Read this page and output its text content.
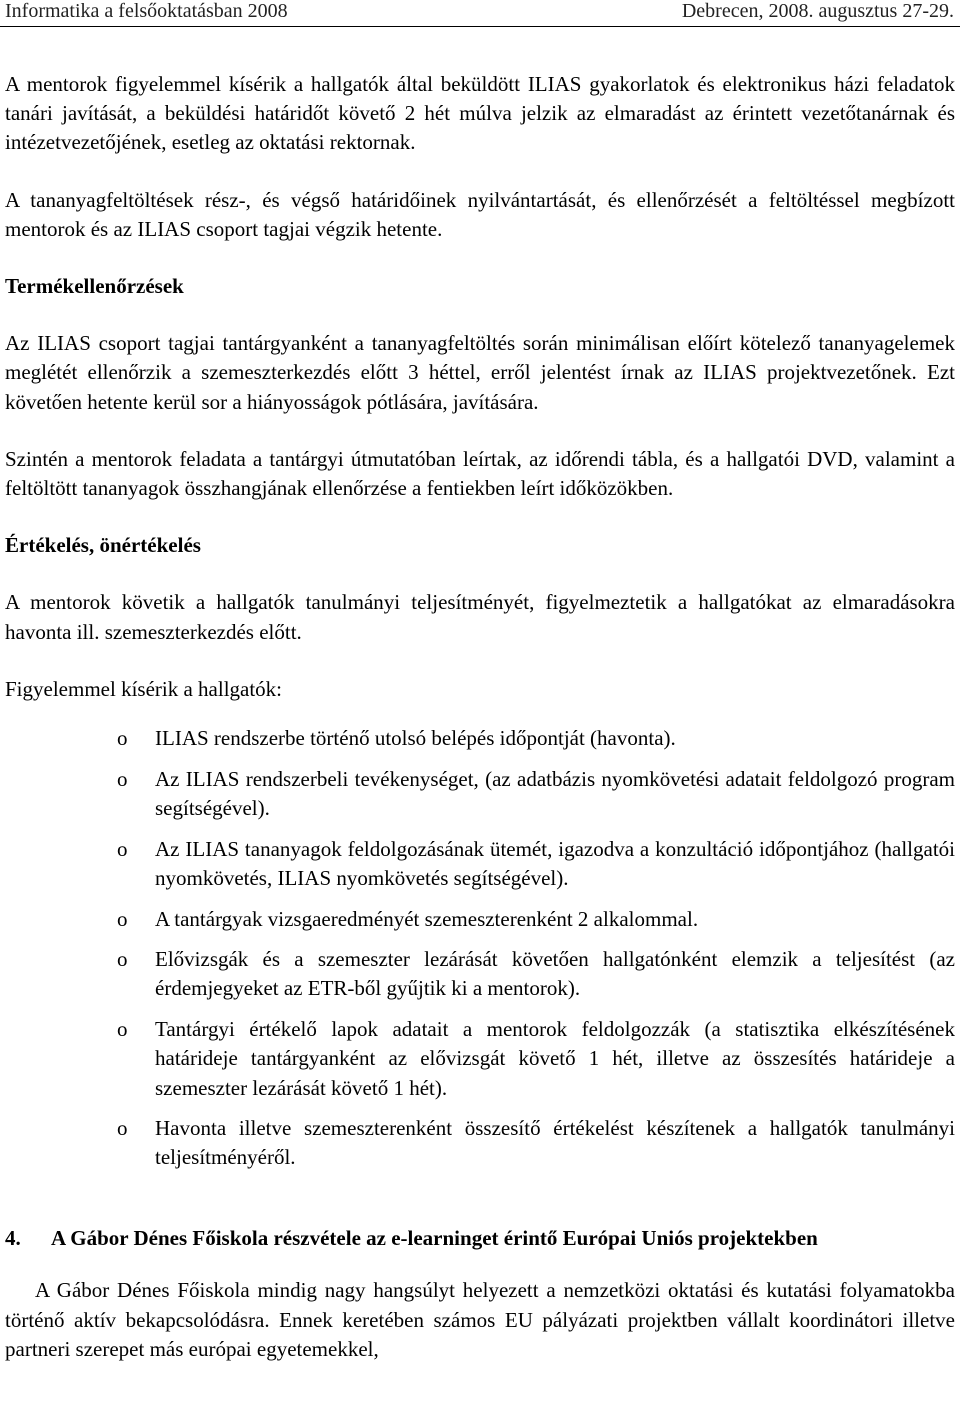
Informatika a felsőoktatásban 2008	Debrecen, 2008. augusztus 27-29.

A mentorok figyelemmel kísérik a hallgatók által beküldött ILIAS gyakorlatok és elektronikus házi feladatok tanári javítását, a beküldési határidőt követő 2 hét múlva jelzik az elmaradást az érintett vezetőtanárnak és intézetvezetőjének, esetleg az oktatási rektornak.

A tananyagfeltöltések rész-, és végső határidőinek nyilvántartását, és ellenőrzését a feltöltéssel megbízott mentorok és az ILIAS csoport tagjai végzik hetente.

Termékellenőrzések

Az ILIAS csoport tagjai tantárgyanként a tananyagfeltöltés során minimálisan előírt kötelező tananyagelemek meglétét ellenőrzik a szemeszterkezdés előtt 3 héttel, erről jelentést írnak az ILIAS projektvezetőnek. Ezt követően hetente kerül sor a hiányosságok pótlására, javítására.

Szintén a mentorok feladata a tantárgyi útmutatóban leírtak, az időrendi tábla, és a hallgatói DVD, valamint a feltöltött tananyagok összhangjának ellenőrzése a fentiekben leírt időközökben.

Értékelés, önértékelés

A mentorok követik a hallgatók tanulmányi teljesítményét, figyelmeztetik a hallgatókat az elmaradásokra havonta ill. szemeszterkezdés előtt.

Figyelemmel kísérik a hallgatók:

o ILIAS rendszerbe történő utolsó belépés időpontját (havonta).
o Az ILIAS rendszerbeli tevékenységet, (az adatbázis nyomkövetési adatait feldolgozó program segítségével).
o Az ILIAS tananyagok feldolgozásának ütemét, igazodva a konzultáció időpontjához (hallgatói nyomkövetés, ILIAS nyomkövetés segítségével).
o A tantárgyak vizsgaeredményét szemeszterenként 2 alkalommal.
o Elővizsgák és a szemeszter lezárását követően hallgatónként elemzik a teljesítést (az érdemjegyeket az ETR-ből gyűjtik ki a mentorok).
o Tantárgyi értékelő lapok adatait a mentorok feldolgozzák (a statisztika elkészítésének határideje tantárgyanként az elővizsgát követő 1 hét, illetve az összesítés határideje a szemeszter lezárását követő 1 hét).
o Havonta illetve szemeszterenként összesítő értékelést készítenek a hallgatók tanulmányi teljesítményéről.
4. A Gábor Dénes Főiskola részvétele az e-learninget érintő Európai Uniós projektekben

A Gábor Dénes Főiskola mindig nagy hangsúlyt helyezett a nemzetközi oktatási és kutatási folyamatokba történő aktív bekapcsolódásra. Ennek keretében számos EU pályázati projektben vállalt koordinátori illetve partneri szerepet más európai egyetemekkel,
